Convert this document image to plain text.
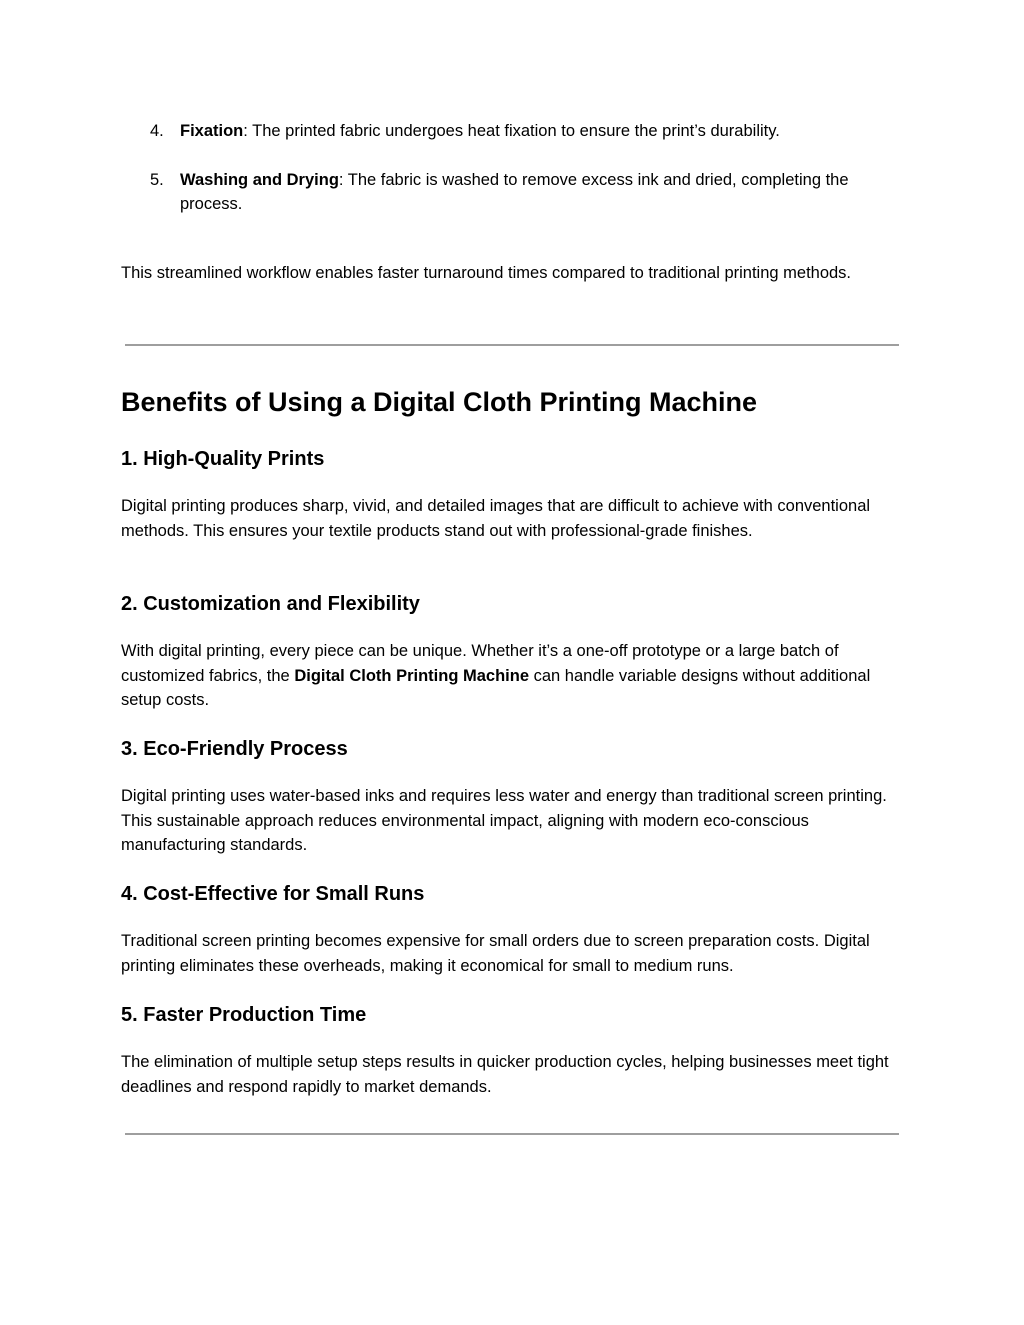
4. Fixation: The printed fabric undergoes heat fixation to ensure the print’s durability.
5. Washing and Drying: The fabric is washed to remove excess ink and dried, completing the process.

This streamlined workflow enables faster turnaround times compared to traditional printing methods.

Benefits of Using a Digital Cloth Printing Machine
1. High-Quality Prints

Digital printing produces sharp, vivid, and detailed images that are difficult to achieve with conventional methods. This ensures your textile products stand out with professional-grade finishes.

2. Customization and Flexibility

With digital printing, every piece can be unique. Whether it’s a one-off prototype or a large batch of customized fabrics, the Digital Cloth Printing Machine can handle variable designs without additional setup costs.

3. Eco-Friendly Process

Digital printing uses water-based inks and requires less water and energy than traditional screen printing. This sustainable approach reduces environmental impact, aligning with modern eco-conscious manufacturing standards.

4. Cost-Effective for Small Runs

Traditional screen printing becomes expensive for small orders due to screen preparation costs. Digital printing eliminates these overheads, making it economical for small to medium runs.

5. Faster Production Time

The elimination of multiple setup steps results in quicker production cycles, helping businesses meet tight deadlines and respond rapidly to market demands.
